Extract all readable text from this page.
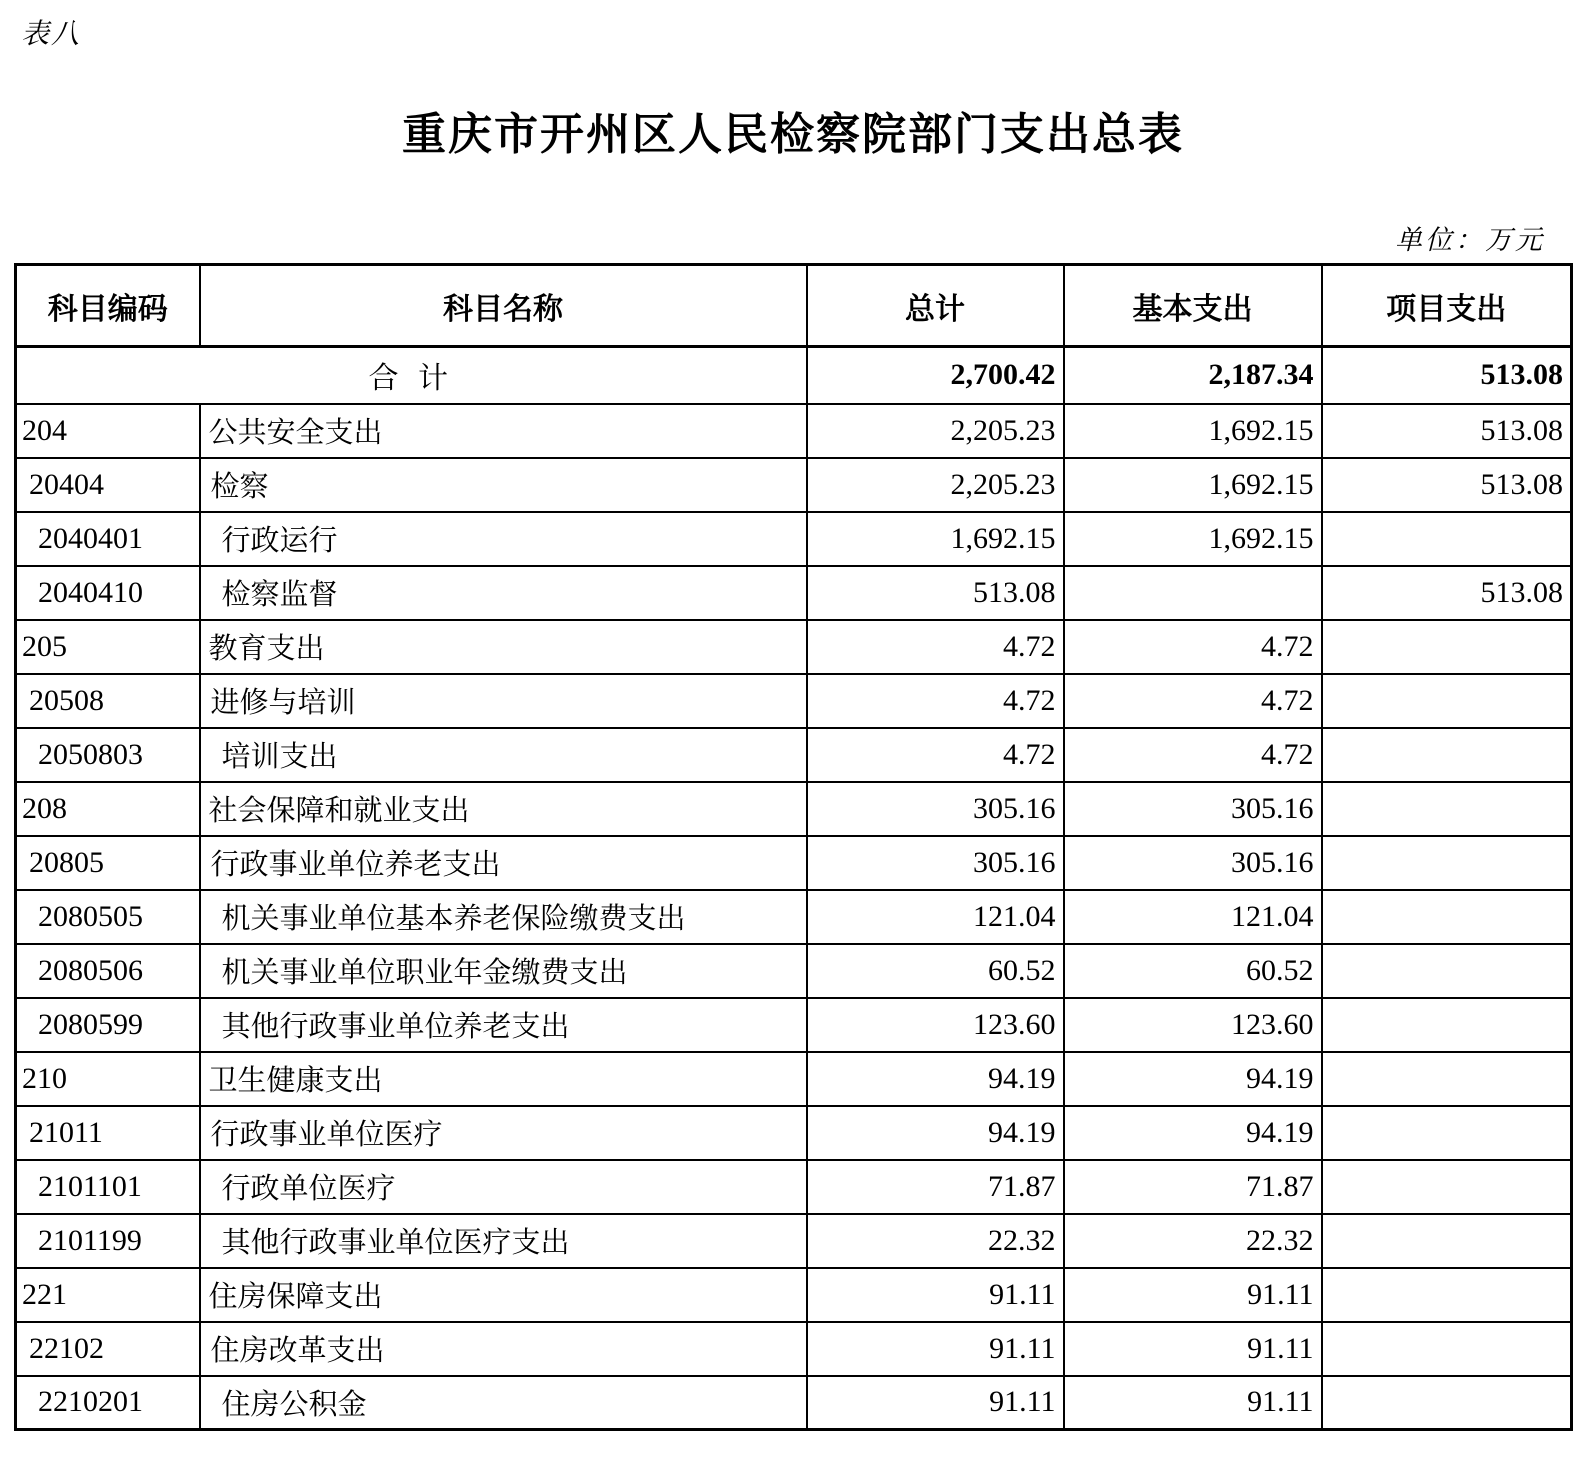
表八
重庆市开州区人民检察院部门支出总表
单位：万元
科目编码	科目名称	总计	基本支出	项目支出
合 计		2,700.42	2,187.34	513.08
204	公共安全支出	2,205.23	1,692.15	513.08
20404	检察	2,205.23	1,692.15	513.08
2040401	行政运行	1,692.15	1,692.15	
2040410	检察监督	513.08		513.08
205	教育支出	4.72	4.72	
20508	进修与培训	4.72	4.72	
2050803	培训支出	4.72	4.72	
208	社会保障和就业支出	305.16	305.16	
20805	行政事业单位养老支出	305.16	305.16	
2080505	机关事业单位基本养老保险缴费支出	121.04	121.04	
2080506	机关事业单位职业年金缴费支出	60.52	60.52	
2080599	其他行政事业单位养老支出	123.60	123.60	
210	卫生健康支出	94.19	94.19	
21011	行政事业单位医疗	94.19	94.19	
2101101	行政单位医疗	71.87	71.87	
2101199	其他行政事业单位医疗支出	22.32	22.32	
221	住房保障支出	91.11	91.11	
22102	住房改革支出	91.11	91.11	
2210201	住房公积金	91.11	91.11	
